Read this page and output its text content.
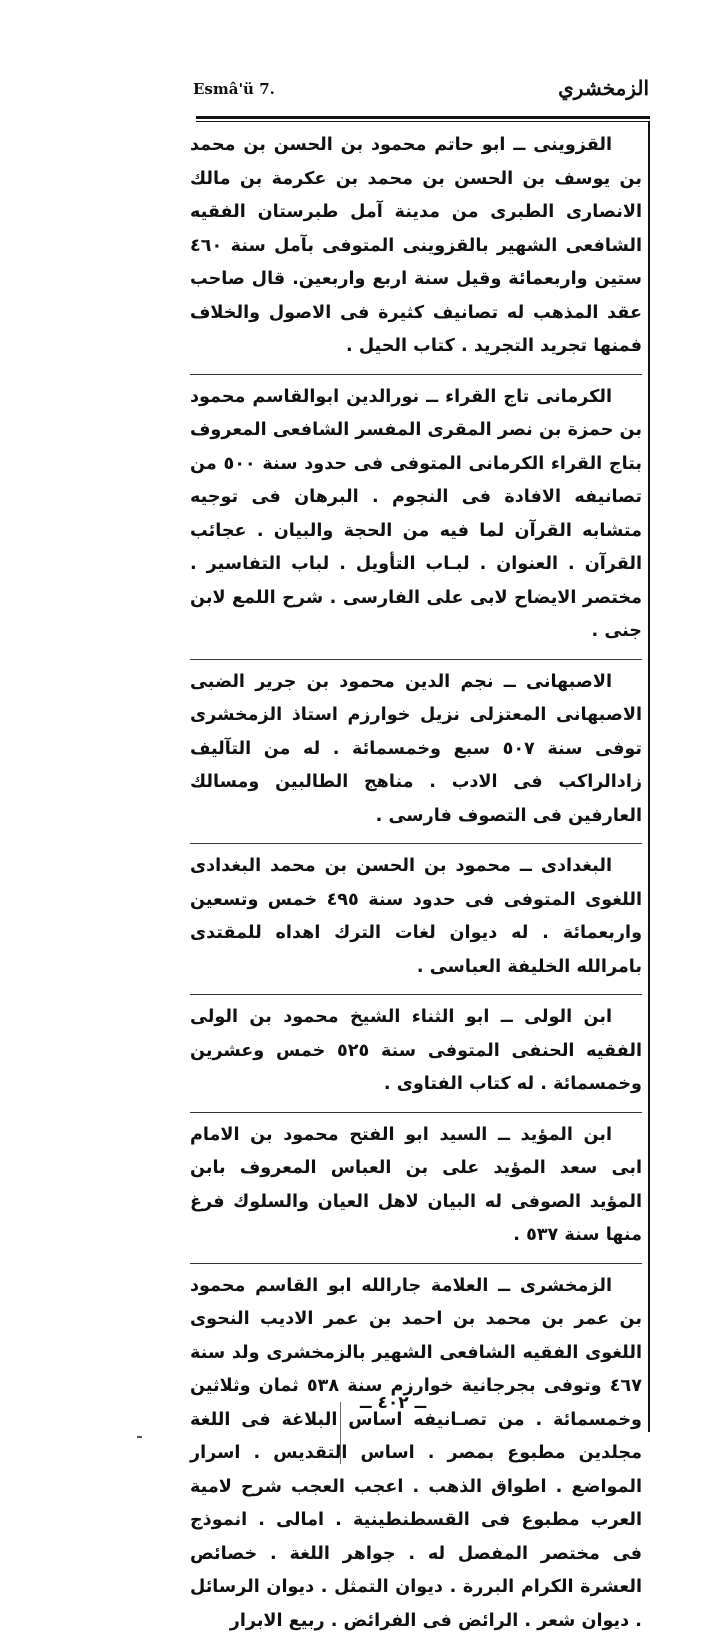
الزمخشري
Esmâ'ü 7.

القزوينى ــ ابو حاتم محمود بن الحسن بن محمد بن يوسف بن الحسن بن محمد بن عكرمة بن مالك الانصارى الطبرى من مدينة آمل طبرستان الفقيه الشافعى الشهير بالقزوينى المتوفى بآمل سنة ٤٦٠ ستين واربعمائة وقيل سنة اربع واربعين. قال صاحب عقد المذهب له تصانيف كثيرة فى الاصول والخلاف فمنها تجريد التجريد . كتاب الحيل .

الكرمانى تاج القراء ــ نورالدين ابوالقاسم محمود بن حمزة بن نصر المقرى المفسر الشافعى المعروف بتاج القراء الكرمانى المتوفى فى حدود سنة ٥٠٠ من تصانيفه الافادة فى النجوم . البرهان فى توجيه متشابه القرآن لما فيه من الحجة والبيان . عجائب القرآن . العنوان . لبـاب التأويل . لباب التفاسير . مختصر الايضاح لابى على الفارسى . شرح اللمع لابن جنى .

الاصبهانى ــ نجم الدين محمود بن جرير الضبى الاصبهانى المعتزلى نزيل خوارزم استاذ الزمخشرى توفى سنة ٥٠٧ سبع وخمسمائة . له من التآليف زادالراكب فى الادب . مناهج الطالبين ومسالك العارفين فى التصوف فارسى .

البغدادى ــ محمود بن الحسن بن محمد البغدادى اللغوى المتوفى فى حدود سنة ٤٩٥ خمس وتسعين واربعمائة . له ديوان لغات الترك اهداه للمقتدى بامرالله الخليفة العباسى .

ابن الولى ــ ابو الثناء الشيخ محمود بن الولى الفقيه الحنفى المتوفى سنة ٥٢٥ خمس وعشرين وخمسمائة . له كتاب الفتاوى .

ابن المؤيد ــ السيد ابو الفتح محمود بن الامام ابى سعد المؤيد على بن العباس المعروف بابن المؤيد الصوفى له البيان لاهل العيان والسلوك فرغ منها سنة ٥٣٧ .

الزمخشرى ــ العلامة جارالله ابو القاسم محمود بن عمر بن محمد بن احمد بن عمر الاديب النحوى اللغوى الفقيه الشافعى الشهير بالزمخشرى ولد سنة ٤٦٧ وتوفى بجرجانية خوارزم سنة ٥٣٨ ثمان وثلاثين وخمسمائة . من تصـانيفه اساس البلاغة فى اللغة مجلدين مطبوع بمصر . اساس التقديس . اسرار المواضع . اطواق الذهب . اعجب العجب شرح لامية العرب مطبوع فى القسطنطينية . امالى . انموذج فى مختصر المفصل له . جواهر اللغة . خصائص العشرة الكرام البررة . ديوان التمثل . ديوان الرسائل . ديوان شعر . الرائض فى الفرائض . ربيع الابرار

ــ ٤٠٢ ــ
